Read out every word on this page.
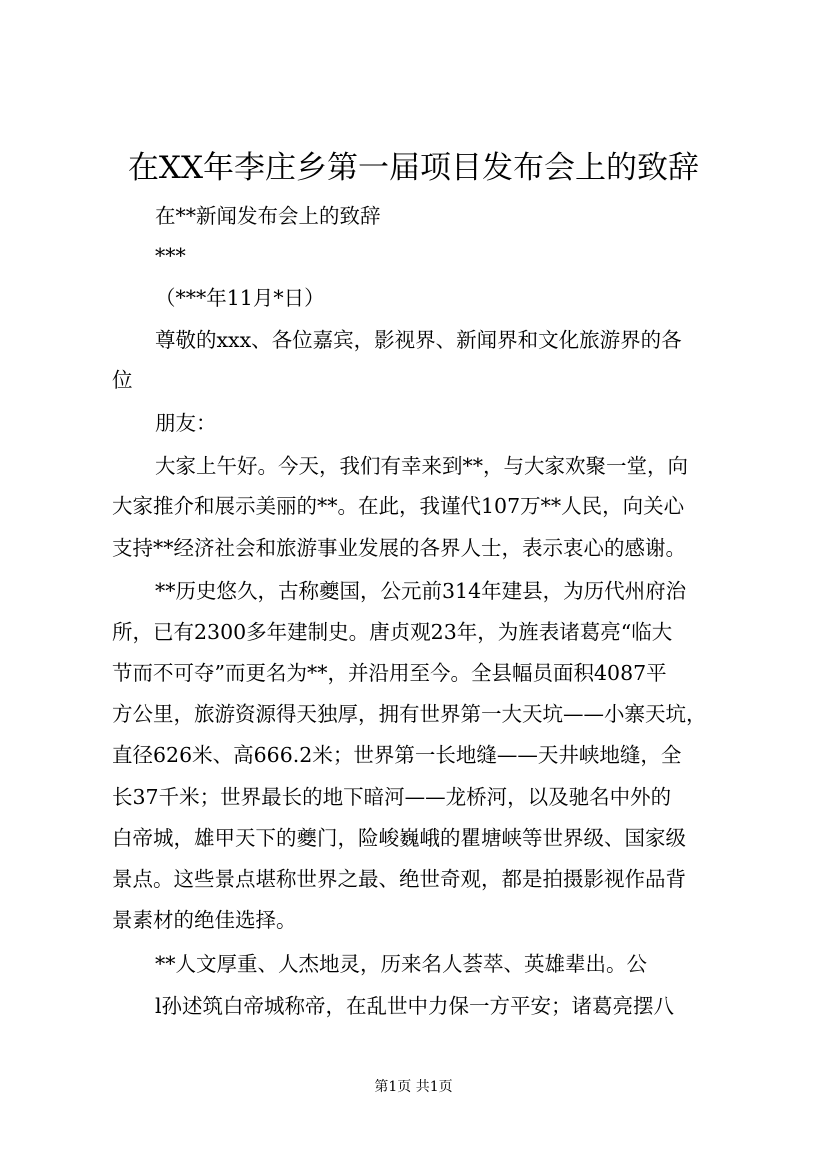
在XX年李庄乡第一届项目发布会上的致辞
在**新闻发布会上的致辞
***
（***年11月*日）
尊敬的xxx、各位嘉宾，影视界、新闻界和文化旅游界的各
位
朋友：
大家上午好。今天，我们有幸来到**，与大家欢聚一堂，向
大家推介和展示美丽的**。在此，我谨代107万**人民，向关心
支持**经济社会和旅游事业发展的各界人士，表示衷心的感谢。
**历史悠久，古称夔国，公元前314年建县，为历代州府治
所，已有2300多年建制史。唐贞观23年，为旌表诸葛亮“临大
节而不可夺”而更名为**，并沿用至今。全县幅员面积4087平
方公里，旅游资源得天独厚，拥有世界第一大天坑——小寨天坑，
直径626米、高666.2米；世界第一长地缝——天井峡地缝，全
长37千米；世界最长的地下暗河——龙桥河，以及驰名中外的
白帝城，雄甲天下的夔门，险峻巍峨的瞿塘峡等世界级、国家级
景点。这些景点堪称世界之最、绝世奇观，都是拍摄影视作品背
景素材的绝佳选择。
**人文厚重、人杰地灵，历来名人荟萃、英雄辈出。公
l孙述筑白帝城称帝，在乱世中力保一方平安；诸葛亮摆八
第1页 共1页
